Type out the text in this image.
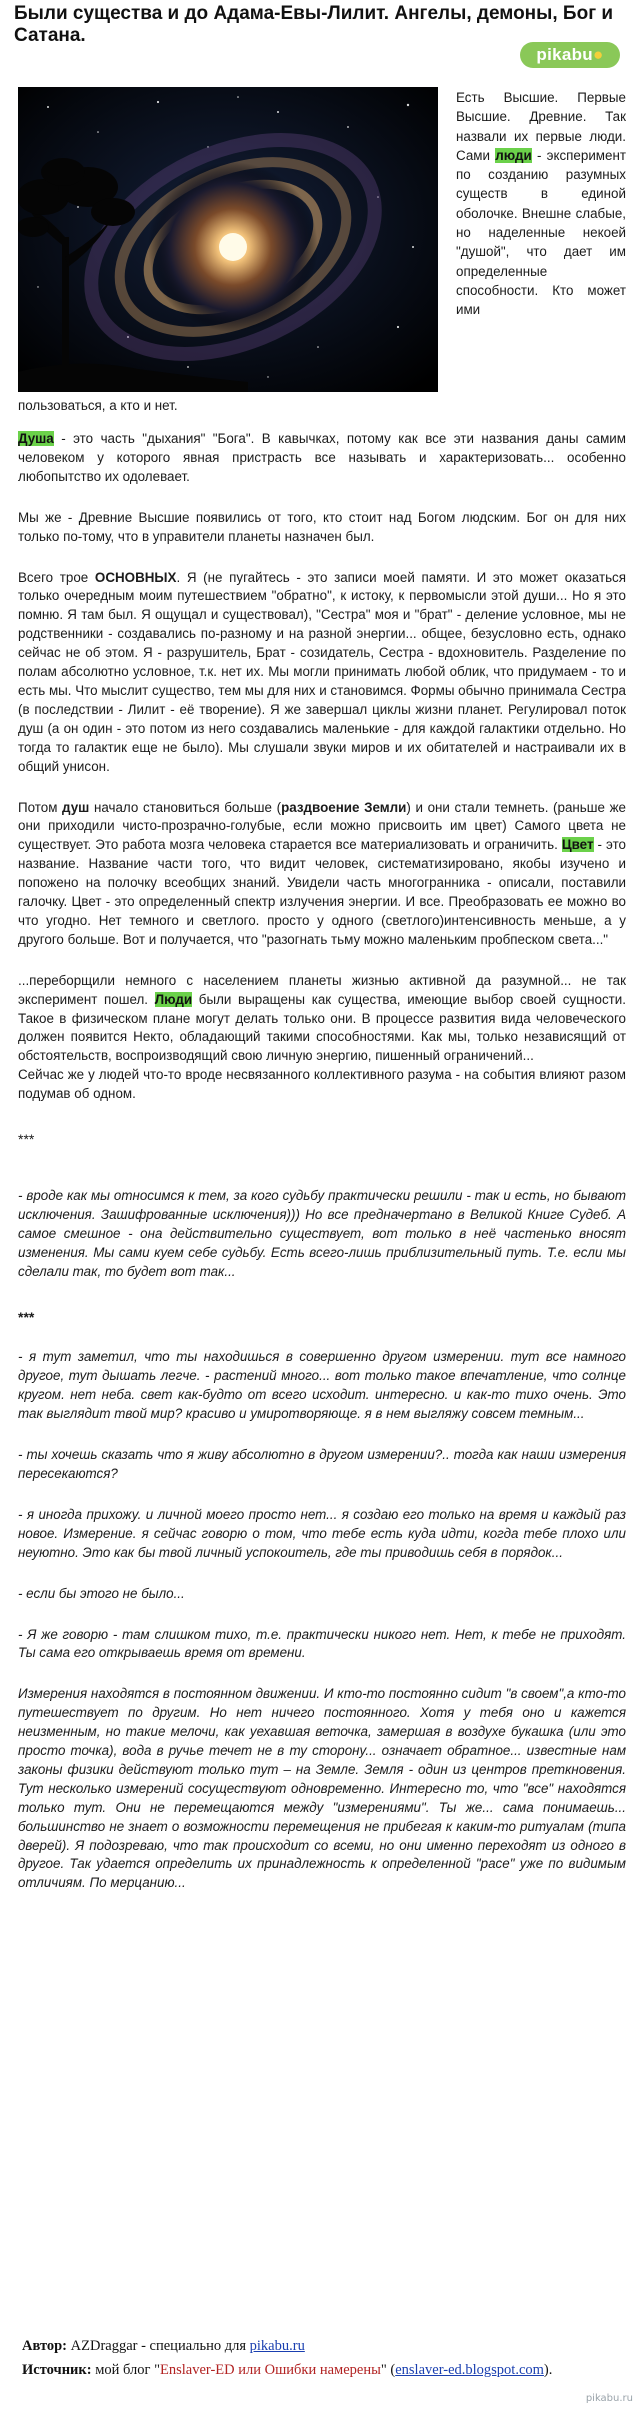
Были существа и до Адама-Евы-Лилит. Ангелы, демоны, Бог и Сатана.
pikabu●
Есть Высшие. Первые Высшие. Древние. Так назвали их первые люди. Сами люди - эксперимент по созданию разумных существ в единой оболочке. Внешне слабые, но наделенные некоей "душой", что дает им определенные способности. Кто может ими
пользоваться, а кто и нет.

Душа - это часть "дыхания" "Бога". В кавычках, потому как все эти названия даны самим человеком у которого явная пристрасть все называть и характеризовать... особенно любопытство их одолевает.

Мы же - Древние Высшие появились от того, кто стоит над Богом людским. Бог он для них только по-тому, что в управители планеты назначен был.

Всего трое ОСНОВНЫХ. Я (не пугайтесь - это записи моей памяти. И это может оказаться только очередным моим путешествием "обратно", к истоку, к первомысли этой души... Но я это помню. Я там был. Я ощущал и существовал), "Сестра" моя и "брат" - деление условное, мы не родственники - создавались по-разному и на разной энергии... общее, безусловно есть, однако сейчас не об этом. Я - разрушитель, Брат - созидатель, Сестра - вдохновитель. Разделение по полам абсолютно условное, т.к. нет их. Мы могли принимать любой облик, что придумаем - то и есть мы. Что мыслит существо, тем мы для них и становимся. Формы обычно принимала Сестра (в последствии - Лилит - её творение). Я же завершал циклы жизни планет. Регулировал поток душ (а он один - это потом из него создавались маленькие - для каждой галактики отдельно. Но тогда то галактик еще не было). Мы слушали звуки миров и их обитателей и настраивали их в общий унисон.

Потом душ начало становиться больше (раздвоение Земли) и они стали темнеть. (раньше же они приходили чисто-прозрачно-голубые, если можно присвоить им цвет) Самого цвета не существует. Это работа мозга человека старается все материализовать и ограничить. Цвет - это название. Название части того, что видит человек, систематизировано, якобы изучено и попожено на полочку всеобщих знаний. Увидели часть многогранника - описали, поставили галочку. Цвет - это определенный спектр излучения энергии. И все. Преобразовать ее можно во что угодно. Нет темного и светлого. просто у одного (светлого)интенсивность меньше, а у другого больше. Вот и получается, что "разогнать тьму можно маленьким пробпеском света..."

...переборщили немного с населением планеты жизнью активной да разумной... не так эксперимент пошел. Люди были выращены как существа, имеющие выбор своей сущности. Такое в физическом плане могут делать только они. В процессе развития вида человеческого должен появится Некто, обладающий такими способностями. Как мы, только независящий от обстоятельств, воспроизводящий свою личную энергию, пишенный ограничений...
Сейчас же у людей что-то вроде несвязанного коллективного разума - на события влияют разом подумав об одном.

***

- вроде как мы относимся к тем, за кого судьбу практически решили - так и есть, но бывают исключения. Зашифрованные исключения))) Но все предначертано в Великой Книге Судеб. А самое смешное - она действительно существует, вот только в неё частенько вносят изменения. Мы сами куем себе судьбу. Есть всего-лишь приблизительный путь. Т.е. если мы сделали так, то будет вот так...

***

- я тут заметил, что ты находишься в совершенно другом измерении. тут все намного другое, тут дышать легче. - растений много... вот только такое впечатление, что солнце кругом. нет неба. свет как-будто от всего исходит. интересно. и как-то тихо очень. Это так выглядит твой мир? красиво и умиротворяюще. я в нем выгляжу совсем темным...

- ты хочешь сказать что я живу абсолютно в другом измерении?.. тогда как наши измерения пересекаются?

- я иногда прихожу. и личной моего просто нет... я создаю его только на время и каждый раз новое. Измерение. я сейчас говорю о том, что тебе есть куда идти, когда тебе плохо или неуютно. Это как бы твой личный успокоитель, где ты приводишь себя в порядок...

- если бы этого не было...

- Я же говорю - там слишком тихо, т.е. практически никого нет. Нет, к тебе не приходят. Ты сама его открываешь время от времени.

Измерения находятся в постоянном движении. И кто-то постоянно сидит "в своем",а кто-то путешествует по другим. Но нет ничего постоянного. Хотя у тебя оно и кажется неизменным, но такие мелочи, как уехавшая веточка, замершая в воздухе букашка (или это просто точка), вода в ручье течет не в ту сторону... означает обратное... известные нам законы физики действуют только тут – на Земле. Земля - один из центров преткновения. Тут несколько измерений сосуществуют одновременно. Интересно то, что "все" находятся только тут. Они не перемещаются между "измерениями". Ты же... сама понимаешь... большинство не знает о возможности перемещения не прибегая к каким-то ритуалам (типа дверей). Я подозреваю, что так происходит со всеми, но они именно переходят из одного в другое. Так удается определить их принадлежность к определенной "расе" уже по видимым отличиям. По мерцанию...

Автор: AZDraggar - специально для pikabu.ru
Источник: мой блог "Enslaver-ED или Ошибки намерены" (enslaver-ed.blogspot.com).
pikabu.ru
